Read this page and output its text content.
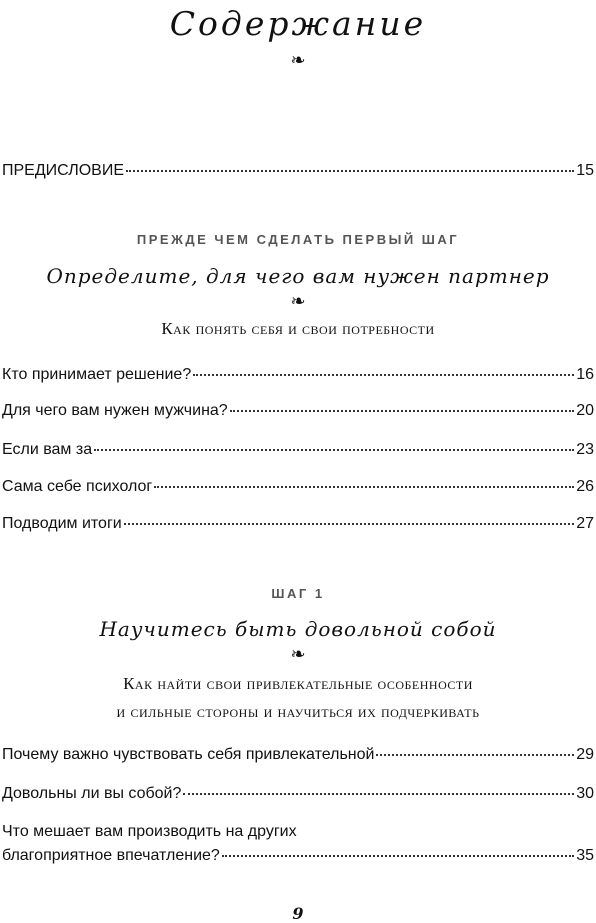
Содержание
❧
ПРЕДИСЛОВИЕ	15
ПРЕЖДЕ ЧЕМ СДЕЛАТЬ ПЕРВЫЙ ШАГ
Определите, для чего вам нужен партнер
❧
Как понять себя и свои потребности
Кто принимает решение?	16
Для чего вам нужен мужчина?	20
Если вам за	23
Сама себе психолог	26
Подводим итоги	27
ШАГ 1
Научитесь быть довольной собой
❧
Как найти свои привлекательные особенности
и сильные стороны и научиться их подчеркивать
Почему важно чувствовать себя привлекательной	29
Довольны ли вы собой?	30
Что мешает вам производить на других
благоприятное впечатление?	35
9
